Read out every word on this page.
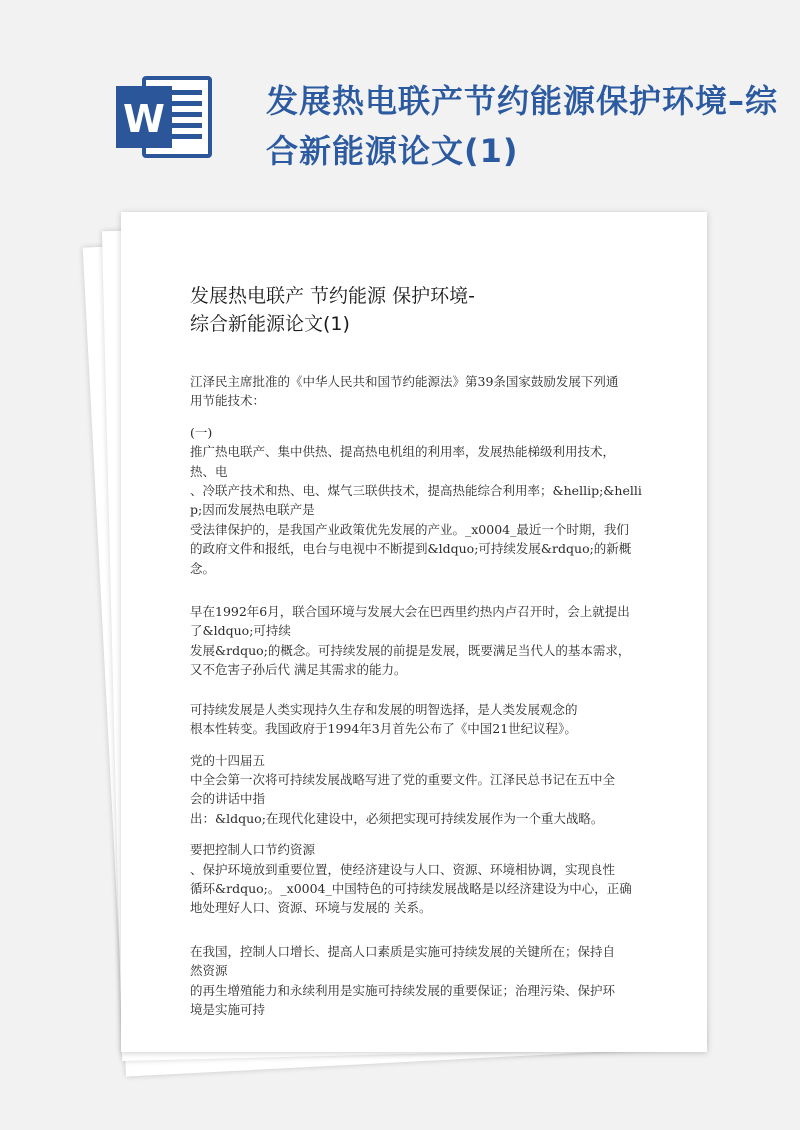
W	发展热电联产节约能源保护环境–综合新能源论文(1)
发展热电联产 节约能源 保护环境-
综合新能源论文(1)

江泽民主席批准的《中华人民共和国节约能源法》第39条国家鼓励发展下列通
用节能技术：

(一)
推广热电联产、集中供热、提高热电机组的利用率，发展热能梯级利用技术，
热、电
、冷联产技术和热、电、煤气三联供技术，提高热能综合利用率；&hellip;&helli
p;因而发展热电联产是
受法律保护的，是我国产业政策优先发展的产业。_x0004_最近一个时期，我们
的政府文件和报纸，电台与电视中不断提到&ldquo;可持续发展&rdquo;的新概
念。

早在1992年6月，联合国环境与发展大会在巴西里约热内卢召开时，会上就提出
了&ldquo;可持续
发展&rdquo;的概念。可持续发展的前提是发展，既要满足当代人的基本需求，
又不危害子孙后代 满足其需求的能力。

可持续发展是人类实现持久生存和发展的明智选择，是人类发展观念的
根本性转变。我国政府于1994年3月首先公布了《中国21世纪议程》。

党的十四届五
中全会第一次将可持续发展战略写进了党的重要文件。江泽民总书记在五中全
会的讲话中指
出：&ldquo;在现代化建设中，必须把实现可持续发展作为一个重大战略。

要把控制人口节约资源
、保护环境放到重要位置，使经济建设与人口、资源、环境相协调，实现良性
循环&rdquo;。_x0004_中国特色的可持续发展战略是以经济建设为中心，正确
地处理好人口、资源、环境与发展的 关系。

在我国，控制人口增长、提高人口素质是实施可持续发展的关键所在；保持自
然资源
的再生增殖能力和永续利用是实施可持续发展的重要保证；治理污染、保护环
境是实施可持
